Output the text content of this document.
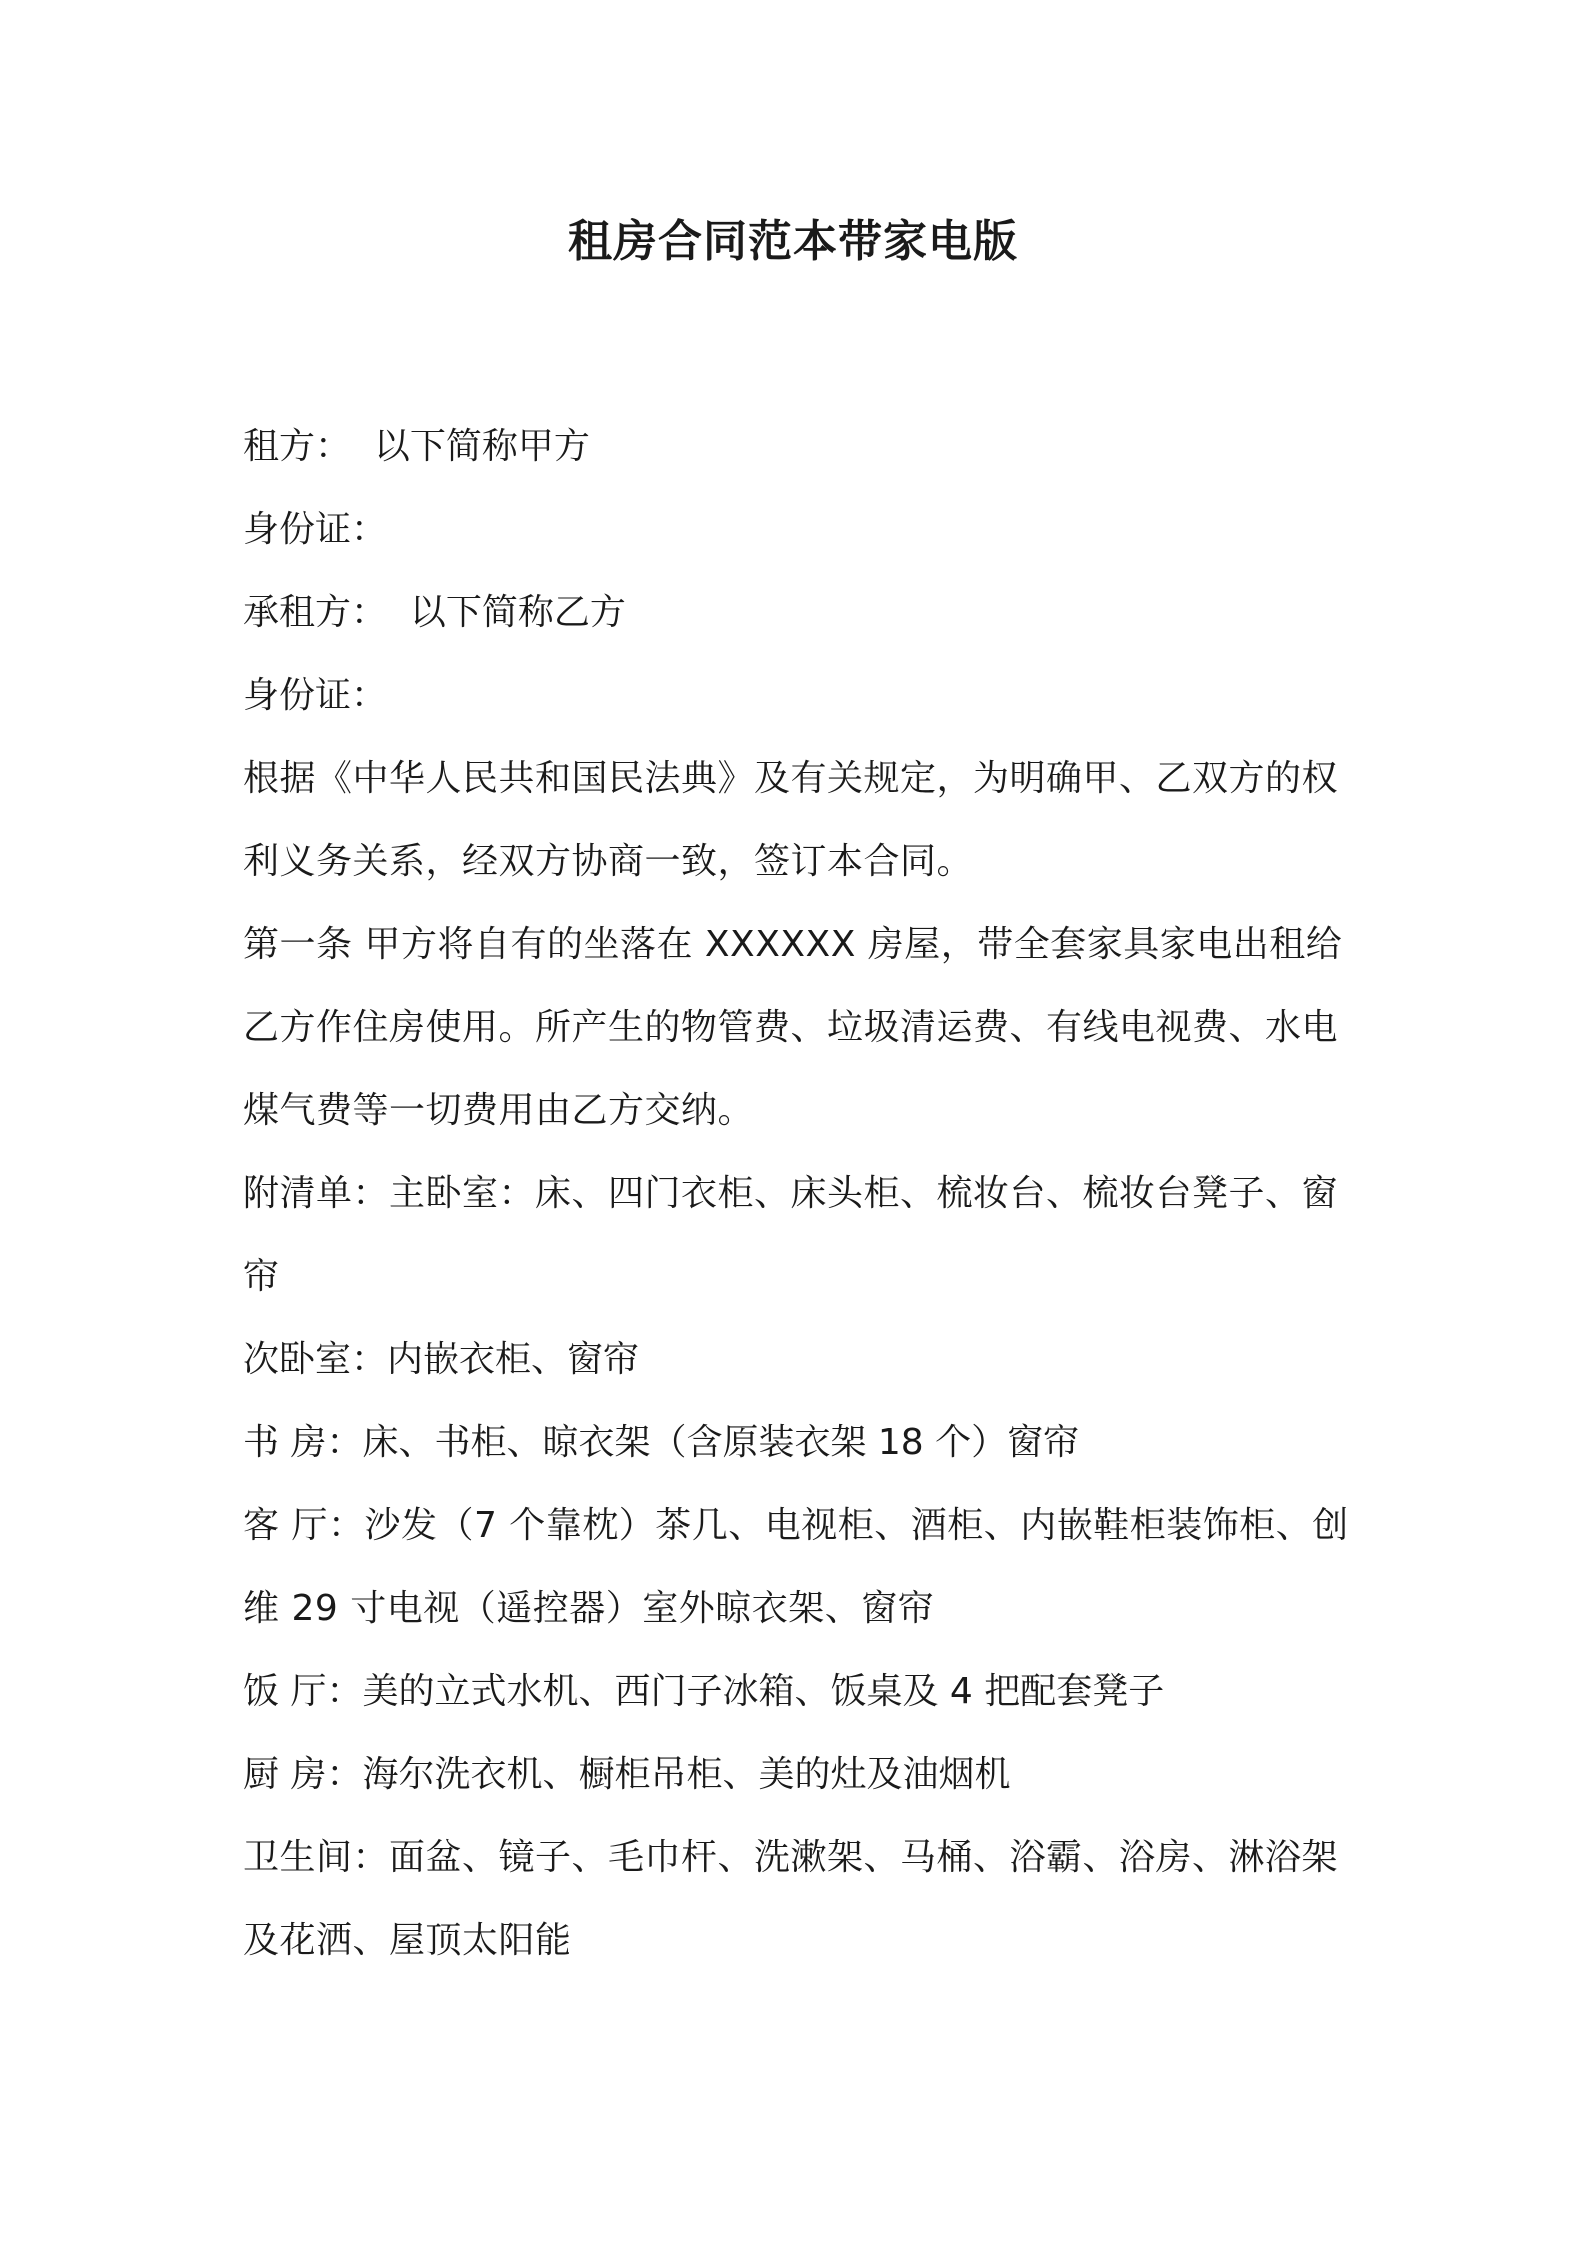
租房合同范本带家电版

租方：  以下简称甲方

身份证：

承租方：  以下简称乙方

身份证：

根据《中华人民共和国民法典》及有关规定，为明确甲、乙双方的权利义务关系，经双方协商一致，签订本合同。

第一条 甲方将自有的坐落在 XXXXXX 房屋，带全套家具家电出租给乙方作住房使用。所产生的物管费、垃圾清运费、有线电视费、水电煤气费等一切费用由乙方交纳。

附清单：主卧室：床、四门衣柜、床头柜、梳妆台、梳妆台凳子、窗帘

次卧室：内嵌衣柜、窗帘

书 房：床、书柜、晾衣架（含原装衣架 18 个）窗帘

客 厅：沙发（7 个靠枕）茶几、电视柜、酒柜、内嵌鞋柜装饰柜、创维 29 寸电视（遥控器）室外晾衣架、窗帘

饭 厅：美的立式水机、西门子冰箱、饭桌及 4 把配套凳子

厨 房：海尔洗衣机、橱柜吊柜、美的灶及油烟机

卫生间：面盆、镜子、毛巾杆、洗漱架、马桶、浴霸、浴房、淋浴架及花洒、屋顶太阳能
